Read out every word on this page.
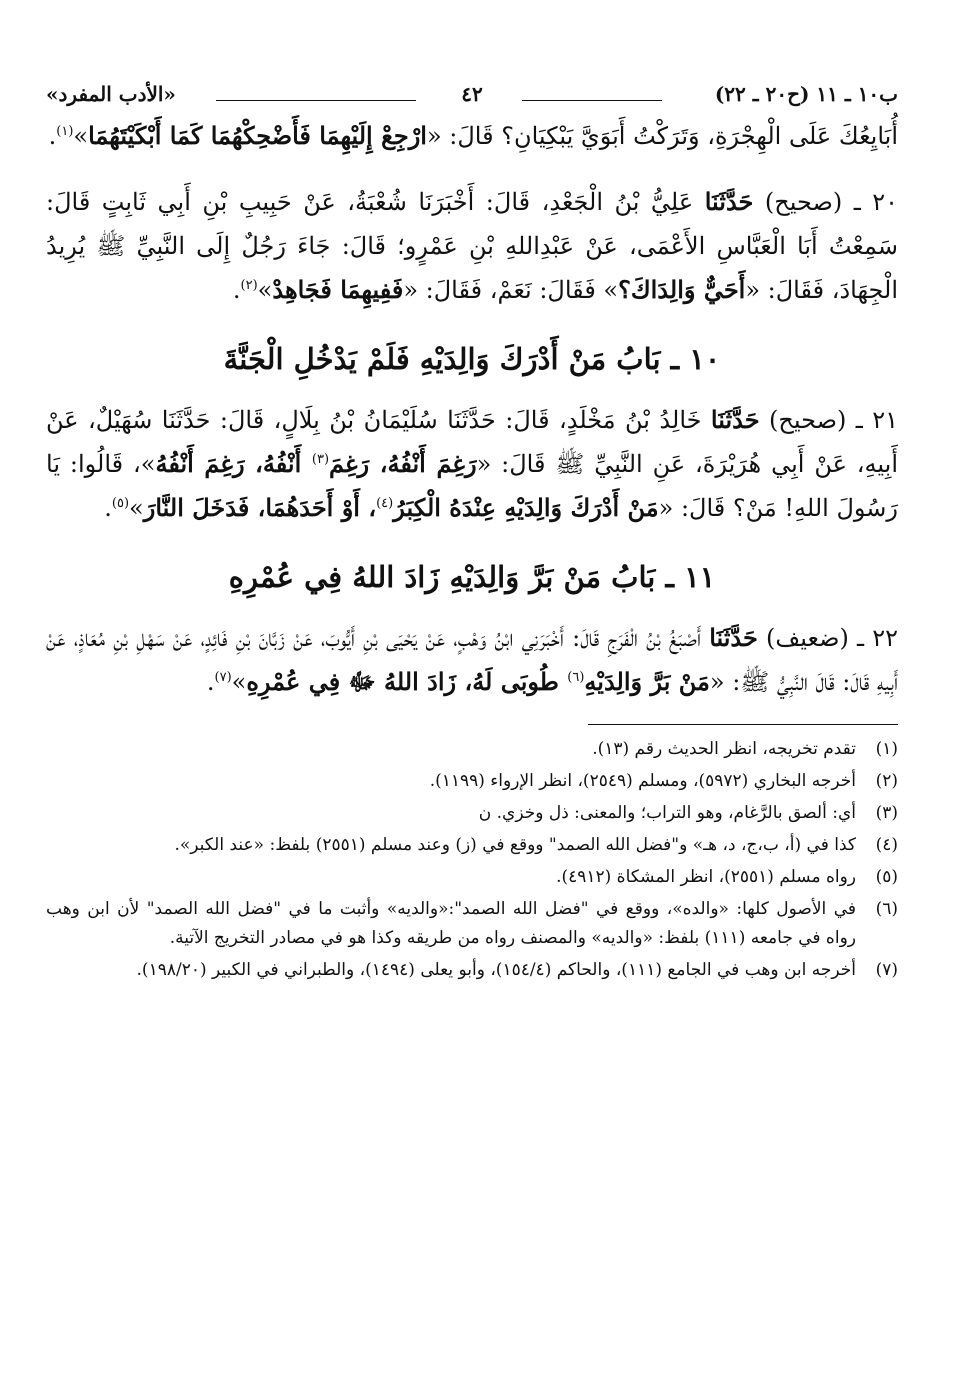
ب١٠ ـ ١١ (ح٢٠ ـ ٢٢)
٤٢
«الأدب المفرد»

أُبَايِعُكَ عَلَى الْهِجْرَةِ، وَتَرَكْتُ أَبَوَيَّ يَبْكِيَانِ؟ قَالَ: «ارْجِعْ إِلَيْهِمَا فَأَضْحِكْهُمَا كَمَا أَبْكَيْتَهُمَا»$^{(١)}$.

٢٠ ـ (صحيح) حَدَّثَنَا عَلِيُّ بْنُ الْجَعْدِ، قَالَ: أَخْبَرَنَا شُعْبَةُ، عَنْ حَبِيبِ بْنِ أَبِي ثَابِتٍ قَالَ: سَمِعْتُ أَبَا الْعَبَّاسِ الأَعْمَى، عَنْ عَبْدِاللهِ بْنِ عَمْرٍو؛ قَالَ: جَاءَ رَجُلٌ إِلَى النَّبِيِّ ﷺ يُرِيدُ الْجِهَادَ، فَقَالَ: «أَحَيٌّ وَالِدَاكَ؟» فَقَالَ: نَعَمْ، فَقَالَ: «فَفِيهِمَا فَجَاهِدْ»$^{(٢)}$.

١٠ ـ بَابُ مَنْ أَدْرَكَ وَالِدَيْهِ فَلَمْ يَدْخُلِ الْجَنَّةَ

٢١ ـ (صحيح) حَدَّثَنَا خَالِدُ بْنُ مَخْلَدٍ، قَالَ: حَدَّثَنَا سُلَيْمَانُ بْنُ بِلَالٍ، قَالَ: حَدَّثَنَا سُهَيْلٌ، عَنْ أَبِيهِ، عَنْ أَبِي هُرَيْرَةَ، عَنِ النَّبِيِّ ﷺ قَالَ: «رَغِمَ أَنْفُهُ، رَغِمَ$^{(٣)}$ أَنْفُهُ، رَغِمَ أَنْفُهُ»، قَالُوا: يَا رَسُولَ اللهِ! مَنْ؟ قَالَ: «مَنْ أَدْرَكَ وَالِدَيْهِ عِنْدَهُ الْكِبَرُ$^{(٤)}$، أَوْ أَحَدَهُمَا، فَدَخَلَ النَّارَ»$^{(٥)}$.

١١ ـ بَابُ مَنْ بَرَّ وَالِدَيْهِ زَادَ اللهُ فِي عُمْرِهِ

٢٢ ـ (ضعيف) حَدَّثَنَا أَصْبَغُ بْنُ الْفَرَجِ قَالَ: أَخْبَرَنِي ابْنُ وَهْبٍ، عَنْ يَحْيَى بْنِ أَيُّوبَ، عَنْ زَبَّانَ بْنِ فَائِدٍ، عَنْ سَهْلِ بْنِ مُعَاذٍ، عَنْ أَبِيهِ قَالَ: قَالَ النَّبِيُّ ﷺ: «مَنْ بَرَّ وَالِدَيْهِ$^{(٦)}$ طُوبَى لَهُ، زَادَ اللهُ ﷻ فِي عُمْرِهِ»$^{(٧)}$.

(١)
تقدم تخريجه، انظر الحديث رقم (١٣).
(٢)
أخرجه البخاري (٥٩٧٢)، ومسلم (٢٥٤٩)، انظر الإرواء (١١٩٩).
(٣)
أي: ألصق بالرَّغام، وهو التراب؛ والمعنى: ذل وخزي. ن
(٤)
كذا في (أ، ب،ج، د، هـ» و"فضل الله الصمد" ووقع في (ز) وعند مسلم (٢٥٥١) بلفظ: «عند الكبر».
(٥)
رواه مسلم (٢٥٥١)، انظر المشكاة (٤٩١٢).
(٦)
في الأصول كلها: «والده»، ووقع في "فضل الله الصمد":«والديه» وأثبت ما في "فضل الله الصمد" لأن ابن وهب رواه في جامعه (١١١) بلفظ: «والديه» والمصنف رواه من طريقه وكذا هو في مصادر التخريج الآتية.
(٧)
أخرجه ابن وهب في الجامع (١١١)، والحاكم (١٥٤/٤)، وأبو يعلى (١٤٩٤)، والطبراني في الكبير (١٩٨/٢٠).
